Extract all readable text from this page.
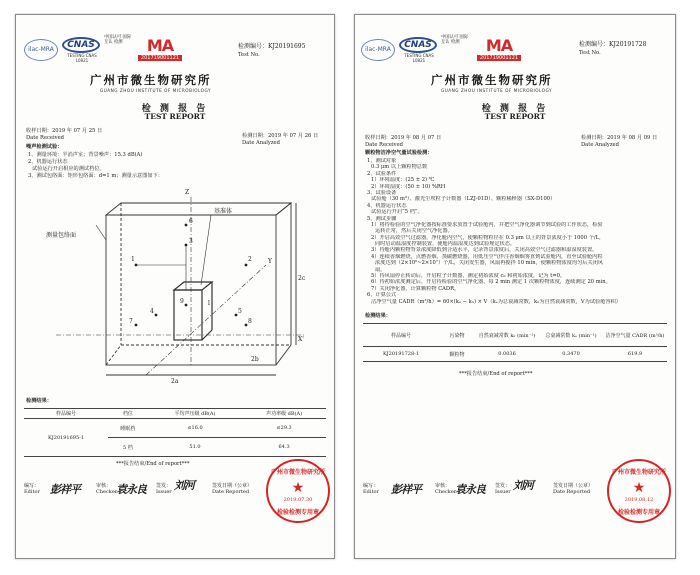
ilac-MRA	CNAS
TESTING CNAS L0821
中国认可 国际互认 检测	MA
201719001121
检测编号：KJ20191695
Test No.
广州市微生物研究所
GUANG ZHOU INSTITUTE OF MICROBIOLOGY
检 测 报 告
TEST REPORT
收样日期：2019 年 07 月 25 日
Date Received	检测日期：2019 年 07 月 26 日
Date Analyzed
噪声检测试验：
1、测量环境：半消声室；背景噪声：15.3 dB(A)
2、机器运行状态
试验运行开启相应的测试档位。
3、测试包络面：矩形包络面：d=1 m；测量示意图如下：
测量包络面
基准体
Z
Y
X'
2b
2a
2c
l
1	2
3
4	5
6
7	8
9
检测结果：
样品编号	档位	平均声压级 dB(A)	声功率级 dB(A)
KJ20191695-1	睡眠档	≤16.0	≤29.3
	5 档	51.0	64.3
***报告结束/End of report***
彭祥平
编写：
Editor
审核：
Checker
袁永良 签发：
Issuer 刘河	签发日期（公章）
Date Reported
广州市微生物研究所
★
2019.07.30
检验检测专用章
ilac-MRA	CNAS
TESTING CNAS L0821
中国认可 国际互认 检测	MA
201719001121
检测编号：KJ20191728
Test No.
广州市微生物研究所
GUANG ZHOU INSTITUTE OF MICROBIOLOGY
检 测 报 告
TEST REPORT
收样日期：2019 年 08 月 07 日
Date Received
检测日期：2019 年 08 月 09 日
Date Analyzed
颗粒物洁净空气量试验检测：
1、测试对象
0.3 μm 以上颗粒物总数
2、试验条件
1）环境温度：(25 ± 2) ℃
2）环境湿度：(50 ± 10) %RH
3、试验设备
试验舱（30 m³）、激光尘埃粒子计数器（LZJ-01D）、颗粒稀释器（SX-D100）
4、机器运行状态
试验运行开启“5 档”。
5、测试步骤
1）将待检验的空气净化器按标准要求放置于试验舱内，并把空气净化器调节到试验的工作状态，检验
运转正常，然后关闭空气净化器。
2）开启高效空气过滤器，净化舱内空气，使颗粒物粒径在 0.3 μm 以上的背景浓度小于 1000 个/L，
同时启动温湿度控制装置，使舱内温湿度达到试验规定状态。
3）待舱内颗粒物背景浓度降低到合适水平，记录背景浓度后，关闭高效空气过滤器和温湿度装置。
4）连续香烟燃烧，点燃香烟，蒸碳燃烧器，用低压空气伴注香烟烟雾直到试验舱内，直至试验舱内粒
浓度达到（2×10⁶~2×10⁷）个/L，关闭发生器，风扇再搅拌 10 min，使颗粒物浓度均匀后关闭风
扇。
5）待风扇停止转动后，开启粒子计数器，测定初始浓度 c₀ 和初始浓度，记为 t=0。
6）待初始浓度测定后，开启待检验的空气净化器，每 2 min 测定 1 次颗粒物浓度，连续测定 20 min。
7）关闭净化器，计算颗粒物 CADR。
6、计算公式
洁净空气量 CADR（m³/h）= 60×(kₑ − kₙ) × V（kₑ为总衰减常数，kₙ为自然衰减常数，V为试验舱容积）
检测结果：
样品编号	污染物	自然衰减常数 kₙ (min⁻¹)	总衰减常数 kₑ (min⁻¹)	洁净空气量 CADR (m³/h)
KJ20191728-1	颗粒物	0.0036	0.3470	619.9
***报告结束/End of report***
彭祥平
编写：
Editor
审核：
Checker
袁永良 签发：
Issuer 刘河	签发日期（公章）
Date Reported
广州市微生物研究所
★
2019.08.12
检验检测专用章
